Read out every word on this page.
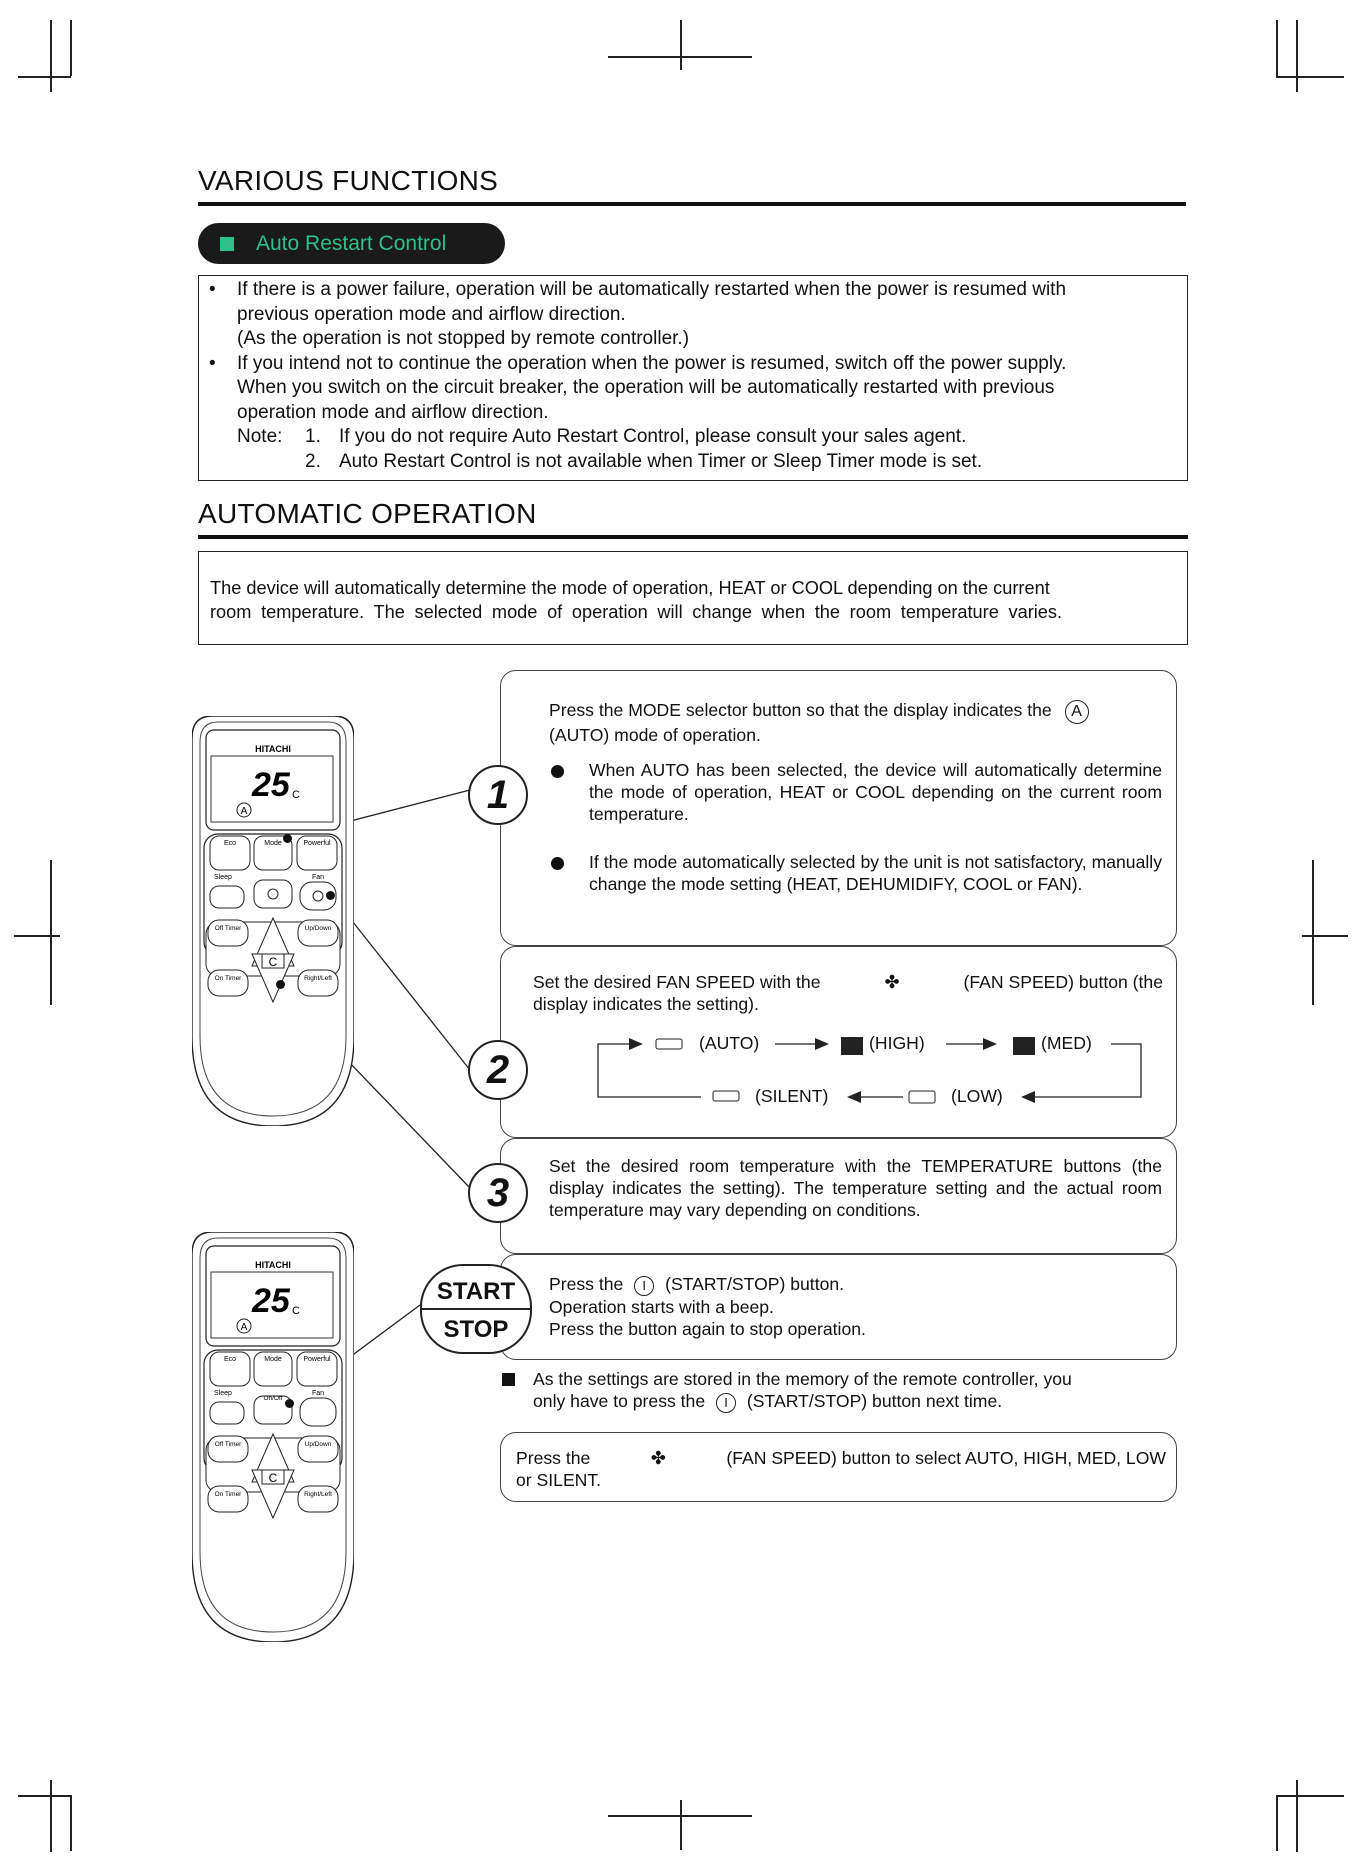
VARIOUS FUNCTIONS
Auto Restart Control
• If there is a power failure, operation will be automatically restarted when the power is resumed with
previous operation mode and airflow direction.
(As the operation is not stopped by remote controller.)
• If you intend not to continue the operation when the power is resumed, switch off the power supply.
When you switch on the circuit breaker, the operation will be automatically restarted with previous
operation mode and airflow direction.
Note: 1. If you do not require Auto Restart Control, please consult your sales agent.
2. Auto Restart Control is not available when Timer or Sleep Timer mode is set.
AUTOMATIC OPERATION
The device will automatically determine the mode of operation, HEAT or COOL depending on the current
room temperature. The selected mode of operation will change when the room temperature varies.
HITACHI
25 C
A
Eco	Mode	Powerful
Sleep	Fan
Off Timer
On Timer
Up/Down
Right/Left
C
HITACHI
25 C
A
Eco	Mode	Powerful
Sleep
On/Off
Fan
Off Timer
On Timer
Up/Down
Right/Left
C
Press the MODE selector button so that the display indicates the A
(AUTO) mode of operation.
When AUTO has been selected, the device will automatically determine the mode of operation, HEAT or COOL depending on the current room temperature.
If the mode automatically selected by the unit is not satisfactory, manually change the mode setting (HEAT, DEHUMIDIFY, COOL or FAN).
1
Set the desired FAN SPEED with the	✤	(FAN SPEED) button (the
display indicates the setting).
(AUTO)	(HIGH)	(MED)
(SILENT)	(LOW)
2
Set the desired room temperature with the TEMPERATURE buttons (the display indicates the setting). The temperature setting and the actual room temperature may vary depending on conditions.
3
Press the I (START/STOP) button.
Operation starts with a beep.
Press the button again to stop operation.
START
STOP
As the settings are stored in the memory of the remote controller, you
only have to press the I (START/STOP) button next time.
Press the	✤	(FAN SPEED) button to select AUTO, HIGH, MED, LOW
or SILENT.
